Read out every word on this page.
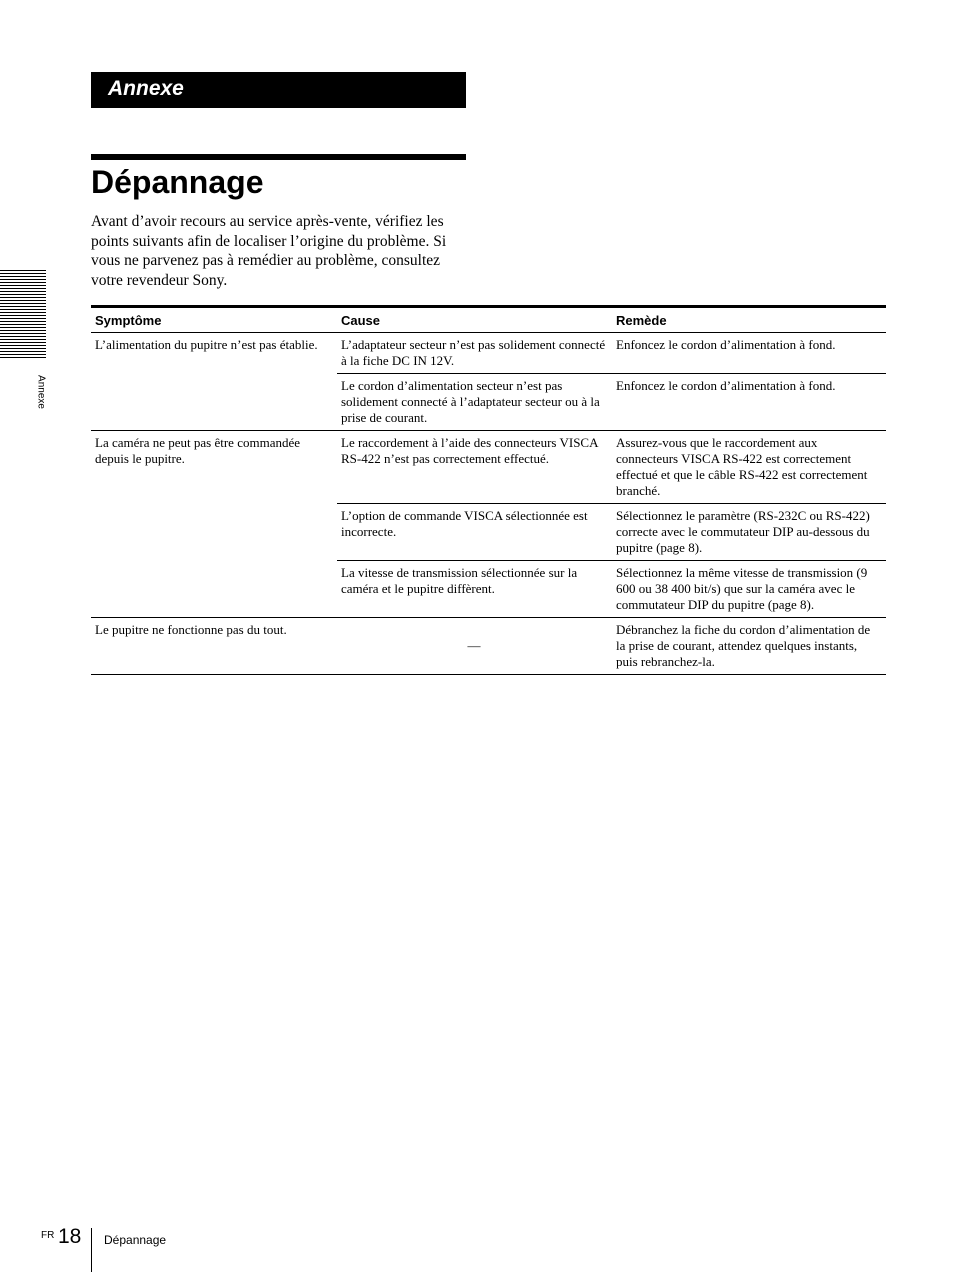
Annexe
Dépannage

Avant d’avoir recours au service après-vente, vérifiez les points suivants afin de localiser l’origine du problème. Si vous ne parvenez pas à remédier au problème, consultez votre revendeur Sony.

Annexe
Symptôme	Cause	Remède
L’alimentation du pupitre n’est pas établie.	L’adaptateur secteur n’est pas solidement connecté à la fiche DC IN 12V.	Enfoncez le cordon d’alimentation à fond.
	Le cordon d’alimentation secteur n’est pas solidement connecté à l’adaptateur secteur ou à la prise de courant.	Enfoncez le cordon d’alimentation à fond.
La caméra ne peut pas être commandée depuis le pupitre.	Le raccordement à l’aide des connecteurs VISCA RS-422 n’est pas correctement effectué.	Assurez-vous que le raccordement aux connecteurs VISCA RS-422 est correctement effectué et que le câble RS-422 est correctement branché.
	L’option de commande VISCA sélectionnée est incorrecte.	Sélectionnez le paramètre (RS-232C ou RS-422) correcte avec le commutateur DIP au-dessous du pupitre (page 8).
	La vitesse de transmission sélectionnée sur la caméra et le pupitre diffèrent.	Sélectionnez la même vitesse de transmission (9 600 ou 38 400 bit/s) que sur la caméra avec le commutateur DIP du pupitre (page 8).
Le pupitre ne fonctionne pas du tout.	—	Débranchez la fiche du cordon d’alimentation de la prise de courant, attendez quelques instants, puis rebranchez-la.
FR 18 Dépannage
